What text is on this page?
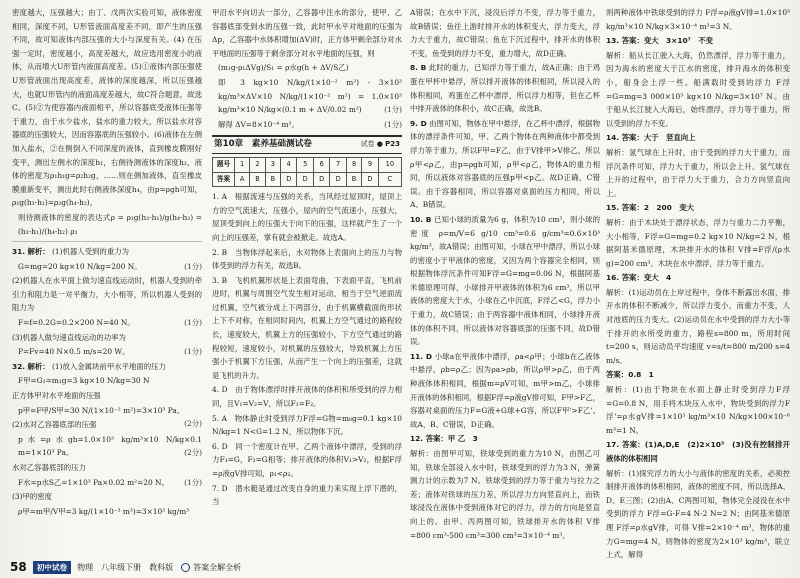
密度越大，压强越大；由丁、戊两次实验可知，液体密度相同，深度不同，U形管液面高度差不同，即产生的压强不同，故可知液体内部压强的大小与深度有关。(4) 在压强一定时，密度越小，高度差越大，故应选用密度小的液体，从而增大U形管内液面高度差。(5)①液体内部压强使U形管液面出现高度差，液体的深度越深，所以压强越大，也就U形管内的液面高度差越大，故C符合题意，故选C。(5)②为使容器内液面相平，所以容器底受液体压强等于重力，由于水少盐水，盐水的重力较大，所以盐水对容器底的压强较大，因而容器底的压强较小。(6)液体在左侧加入盐水，②在侧倒入不同深度的液体，直到橡皮膜刚好变平，测出左侧水的深度h₁，右侧待测液体的深度h₂，液体的密度为ρ₁h₁g=ρ₂h₂g，……则在侧加液体，直至橡皮膜重新变平，测出此时右侧液体深度h₄，由p=ρgh可知，ρ₁g(h₃-h₁)=ρ₂g(h₄-h₂)，
则待测液体的密度的表达式ρ = ρ₁g(h₃-h₁)/g(h₄-h₂) = (h₃-h₁)/(h₄-h₂) ρ₁
31. 解析： (1)机器人受到的重力为
G=mg=20 kg×10 N/kg=200 N。	(1分)
(2)机器人在水平面上做匀速直线运动时，机器人受到的牵引力和阻力是一对平衡力，大小相等，所以机器人受到的阻力为
F=f=0.2G=0.2×200 N=40 N。	(1分)
(3)机器人做匀速直线运动的功率为
P=Fv=40 N×0.5 m/s=20 W。	(1分)
32. 解析： (1)放入金属块前甲水平地面的压力
F甲=G₁=m₁g=3 kg×10 N/kg=30 N
正方体甲对水平地面的压强
p甲=F甲/S甲=30 N/(1×10⁻² m²)=3×10³ Pa。
(2分)
(2)水对乙容器底部的压强
p水=ρ水gh=1.0×10³ kg/m³×10 N/kg×0.1 m=1×10³ Pa。	(2分)
水对乙容器底部的压力
F水=p水S乙=1×10³ Pa×0.02 m²=20 N。 (1分)
(3)甲的密度
ρ甲=m甲/V甲=3 kg/(1×10⁻³ m³)=3×10³ kg/m³
甲沿水平向切去一部分，乙容器中注水的部分，使甲、乙容器底部受到水的压强一致，此时甲水平对地面的压强为Δp，乙容器中水体积增加(ΔV)时，正方体甲剩余部分对水平地面的压强等于剩余部分对水平地面的压强，则
(m₁g-ρ₁ΔVg)/S₁ = ρ水g(h + ΔV/S乙)
即 3 kg×10 N/kg/(1×10⁻² m²) - 3×10³ kg/m³×ΔV×10 N/kg/(1×10⁻² m²) = 1.0×10³ kg/m³×10 N/kg×(0.1 m + ΔV/0.02 m²)	(1分)
解得 ΔV=8×10⁻⁴ m³。	(1分)
第10章　素养基础测试卷	试卷 ● P23
题号	1	2	3	4	5	6	7	8	9	10
答案	A	B	B	D	D	D	D	B	D	C
1. A　根据流速与压强的关系，当风经过屋顶时，屋顶上方的空气流速大，压强小，屋内的空气流速小，压强大，屋顶受到向上的压强大于向下的压强，这样就产生了一个向上的压强差，掌有就会被掀走。故选A。
2. B　当物体浮起来后，水对物体上表面向上的压力与物体受到的浮力有关，故选B。
3. B　飞机机翼形状是上表面弯曲，下表面平直，飞机前进时，机翼与周围空气发生相对运动，相当于空气逆面流过机翼，空气被分成上下两部分，由于机翼横截面的形状上下不对称，在相同时间内，机翼上方空气通过的路程较长，速度较大，机翼上方的压强较小，下方空气通过的路程较短，速度较小，对机翼的压强较大，导致机翼上方压强小于机翼下方压强，从而产生一个向上的压强差，这就是飞机的升力。
4. D　由于物体漂浮时排开液体的体积和所受到的浮力相同，且V₁=V₂=V，所以F₁=F₂。
5. A　物体静止时受到浮力F浮=G物=m₀g=0.1 kg×10 N/kg=1 N<G=1.2 N，所以物体下沉。
6. D　同一个密度计在甲、乙两个液体中漂浮，受到的浮力F₁=G，F₂=G相等；排开液体的体积V₁>V₂，根据F浮=ρ液gV排可知，ρ₁<ρ₂。
7. D　潜水艇是通过改变自身的重力来实现上浮下潜的，当
A错误；在水中下沉，浸没后浮力不变，浮力等于重力，故B错误；鱼往上游时排开水的体积变大，浮力变大，浮力大于重力，故C错误；鱼在下沉过程中，排开水的体积不变，鱼受到的浮力不变，重力增大，故D正确。
8. B 此时的重力，已知浮力等于重力，故A正确；由于鸡蛋在甲杯中悬浮，所以排开液体的体积相同，所以浸入的体积相同，鸡蛋在乙杯中漂浮，所以浮力相等，但在乙杯中排开液体的体积小，故C正确，故选B。
9. D 由图可知，物体在甲中悬浮，在乙杯中漂浮，根据物体的漂浮条件可知，甲、乙两个物体在两种液体中都受到浮力等于重力，所以F甲=F乙，由于V排甲>V排乙，所以ρ甲<ρ乙，由p=ρgh可知，ρ甲<ρ乙，物体A的重力相同，所以液体对容器底的压强p甲<p乙。故D正确，C错误。由于容器相同，所以容器对桌面的压力相同，所以A、B错误。
10. B 已知小球的质量为6 g，体积为10 cm³，则小球的密度 ρ=m/V=6 g/10 cm³=0.6 g/cm³=0.6×10³ kg/m³，故A错误；由图可知，小球在甲中漂浮，所以小球的密度小于甲液体的密度，又因为两个容器完全相同，则根据物体浮沉条件可知F浮=G=mg=0.06 N，根据阿基米德原理可得，小球排开甲液体的体积为6 cm³，所以甲液体的密度大于水，小球在乙中沉底，F浮乙<G，浮力小于重力，故C错误；由于两容器中液体相同，小球排开液体的体积不同，所以液体对容器底部的压强不同，故D错误。
11. D 小球a在甲液体中漂浮，ρa<ρ甲；小球b在乙液体中悬浮，ρb=ρ乙；因为ρa>ρb，所以ρ甲>ρ乙，由于两种液体体积相同，根据m=ρV可知，m甲>m乙，小球排开液体的体积相同，根据F浮=ρ液gV排可知，F甲>F乙，容器对桌面的压力F=G液+G球+G容，所以F甲'>F乙'。故A、B、C错误，D正确。
12. 答案：甲 乙　3
解析：由图甲可知，铁球受到的重力为10 N，由图乙可知，铁球全部浸入水中时，铁球受到的浮力为3 N，弹簧测力计的示数为7 N。铁球受到的浮力等于重力与拉力之差；液体对铁球的压力差，所以浮力方向竖直向上，而铁球浸没在液体中受到液体对它的浮力，浮力的方向是竖直向上的。由甲、丙两图可知，铁球排开水的体积 V排=800 cm³-500 cm³=300 cm³=3×10⁻⁴ m³。
则两种液体中铁球受到的浮力 F浮=ρ液gV排=1.0×10³ kg/m³×10 N/kg×3×10⁻⁴ m³=3 N。
13. 答案：变大　3×10⁷　不变
解析：船从长江驶入大海，仍然漂浮，浮力等于重力，因为海水的密度大于江水的密度，排开海水的体积变小，船身会上浮一些。船满载时受到的浮力 F浮=G=mg=3 000×10³ kg×10 N/kg=3×10⁷ N。由于船从长江驶入大海后，始终漂浮，浮力等于重力，所以受到的浮力不变。
14. 答案：大于　竖直向上
解析：氢气球在上升时，由于受到的浮力大于重力，而浮沉条件可知，浮力大于重力，所以会上升。氢气球在上升的过程中，由于浮力大于重力，合力方向竖直向上。
15. 答案：2　200　变大
解析：由于木块处于漂浮状态，浮力与重力二力平衡，大小相等，F浮=G=mg=0.2 kg×10 N/kg=2 N，根据阿基米德原理，木块排开水的体积 V排=F浮/(ρ水g)=200 cm³。木块在水中漂浮，浮力等于重力。
16. 答案：变大　4
解析：(1)运动员在上岸过程中，身体不断露出水面，排开水的体积不断减少，所以浮力变小，而重力不变，人对池底的压力变大。(2)运动员在水中受到的浮力大小等于排开的水所受的重力，路程s=800 m，所用时间t=200 s，则运动员平均速度 v=s/t=800 m/200 s=4 m/s。
答案：0.8　1
解析：(1)由于物块在水面上静止时受到浮力F浮=G=0.8 N，用手将木块压入水中，物块受到的浮力F浮'=ρ水gV排=1×10³ kg/m³×10 N/kg×100×10⁻⁶ m³=1 N。
17. 答案：(1)A,D,E　(2)2×10³　(3)没有控制排开液体的体积相同
解析：(1)探究浮力的大小与液体的密度的关系，必须控制排开液体的体积相同，液体的密度不同，所以选择A、D、E三图；(2)由A、C两图可知，物体完全浸没在水中受到的浮力 F浮=G-F=4 N-2 N=2 N；由阿基米德原理 F浮=ρ水gV排，可得 V排=2×10⁻⁴ m³，物体的重力G=mg=4 N，则物体的密度为2×10³ kg/m³，联立上式，解得
58	初中试卷	物理 八年级下册 教科版	答案全解全析
